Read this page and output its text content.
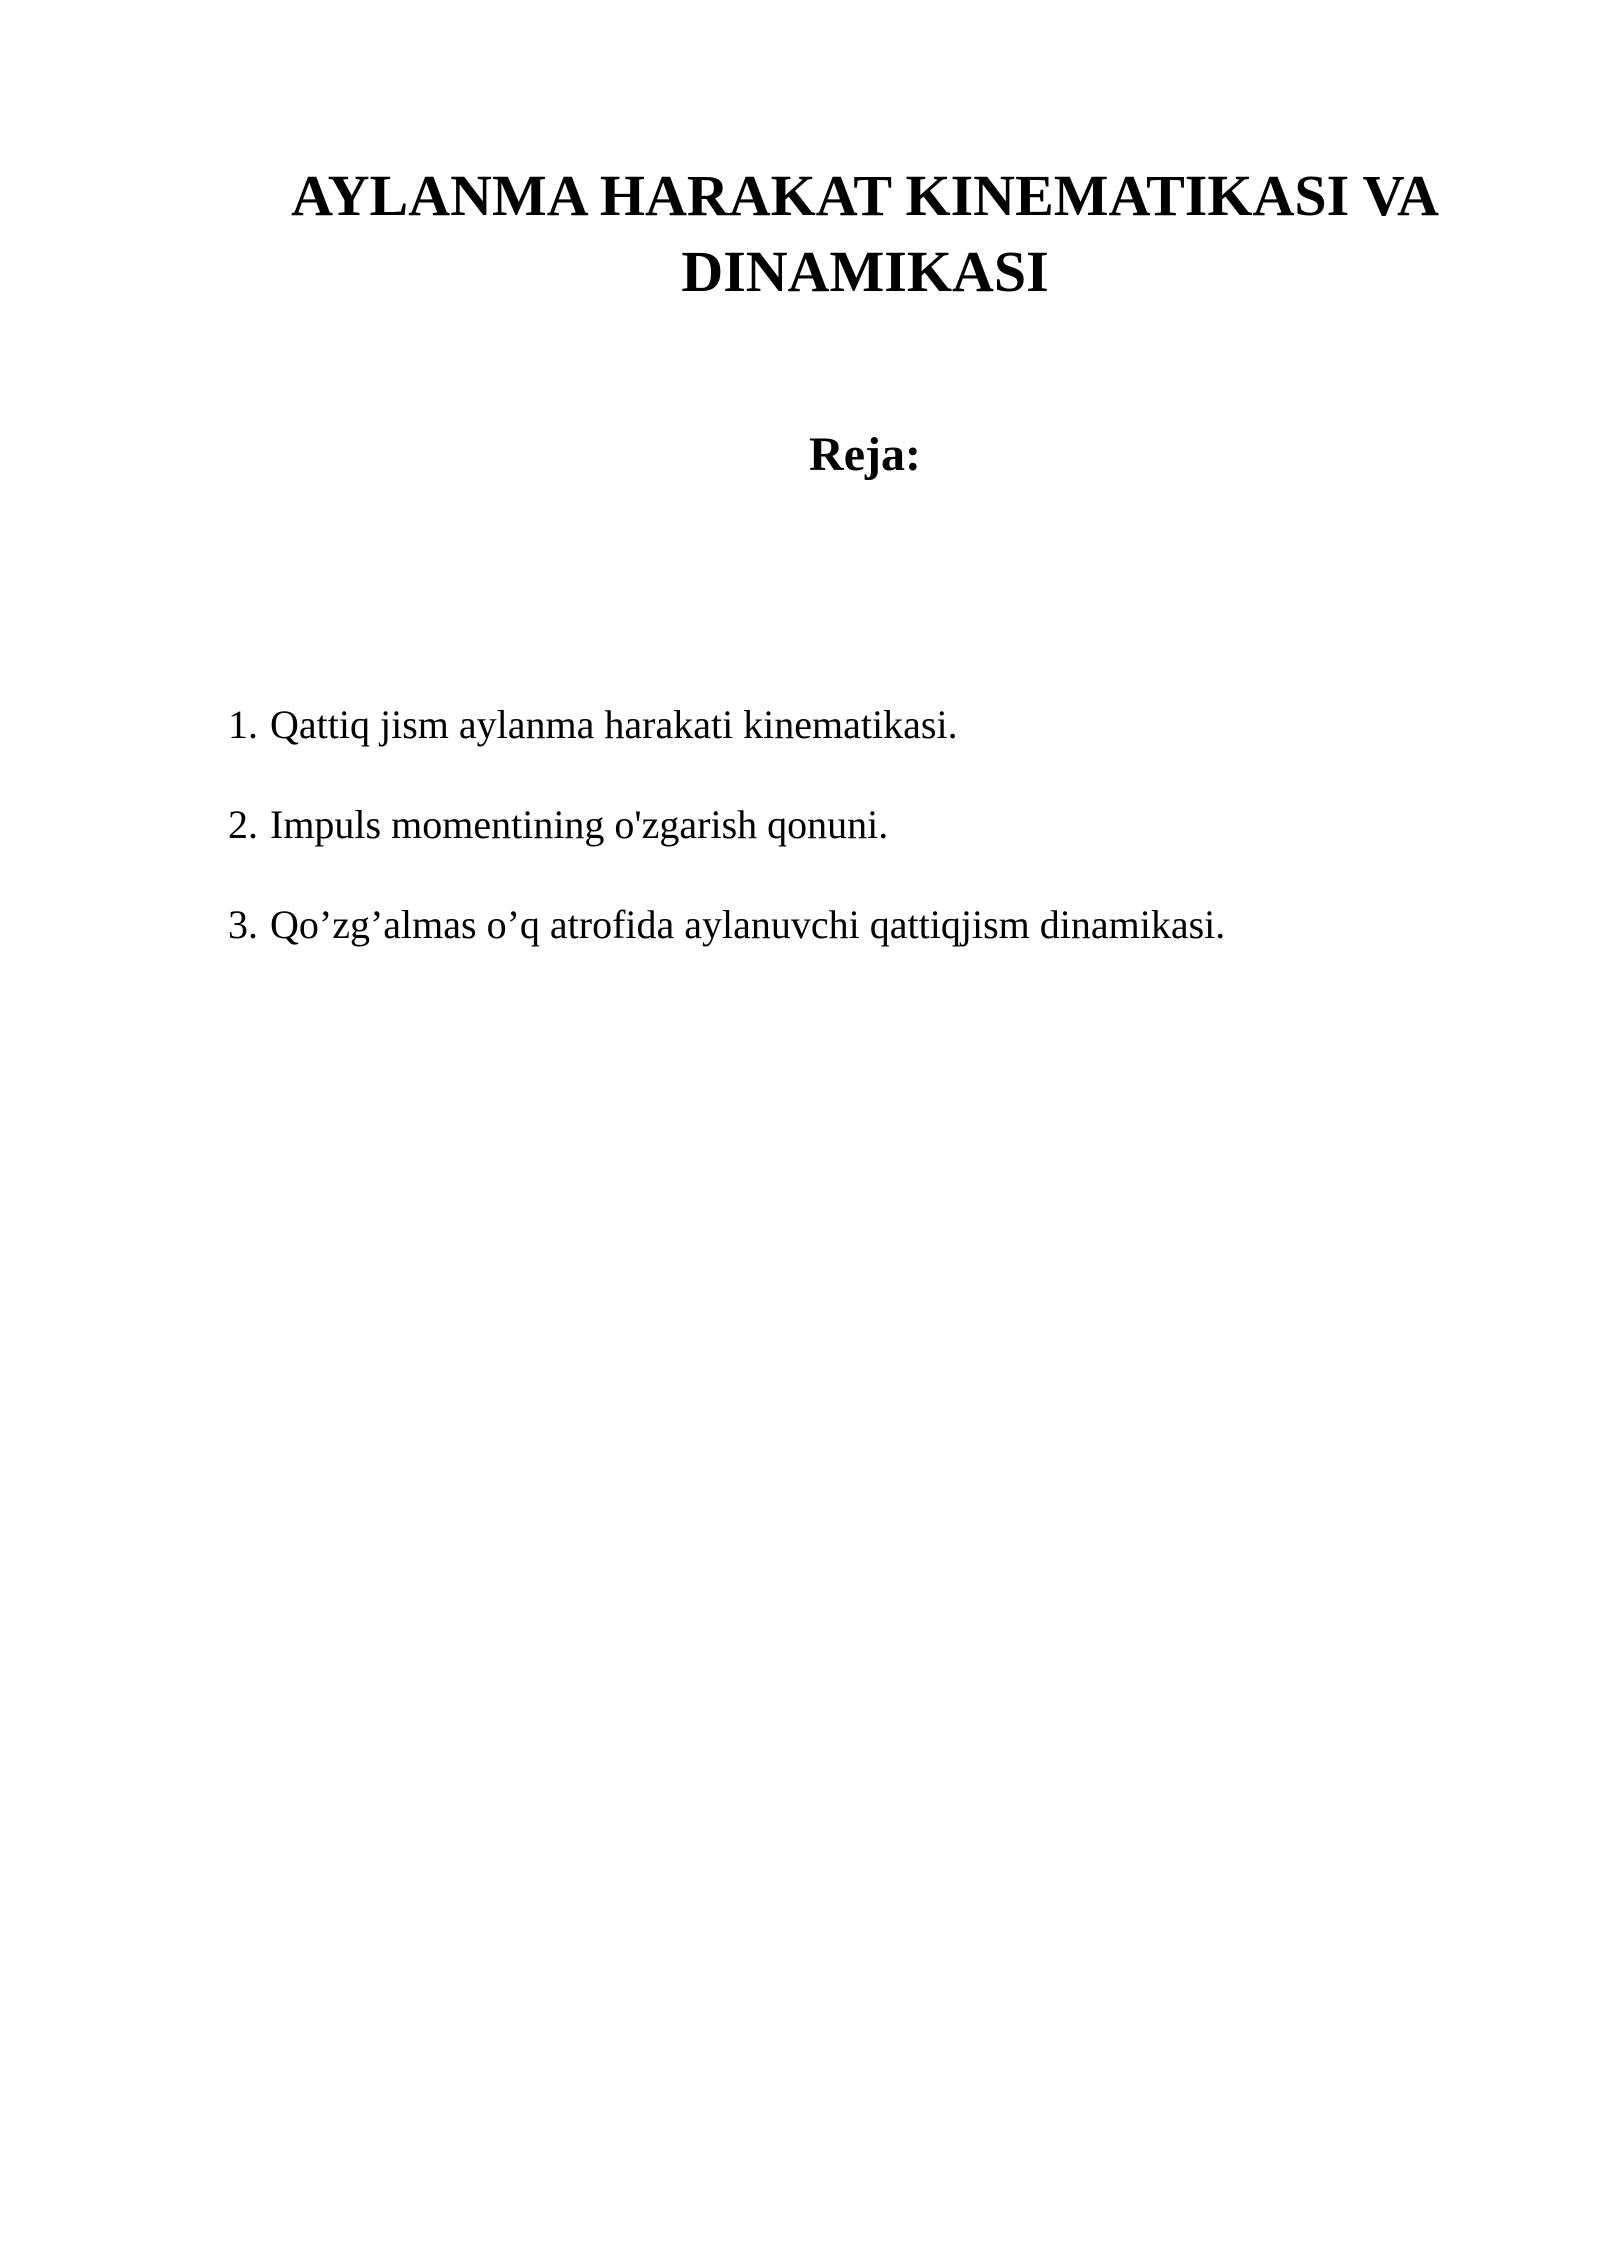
AYLANMA HARAKAT KINEMATIKASI VA
DINAMIKASI
Reja:
1. Qattiq jism aylanma harakati kinematikasi.
2. Impuls momentining o'zgarish qonuni.
3. Qo’zg’almas o’q atrofida aylanuvchi qattiqjism dinamikasi.
